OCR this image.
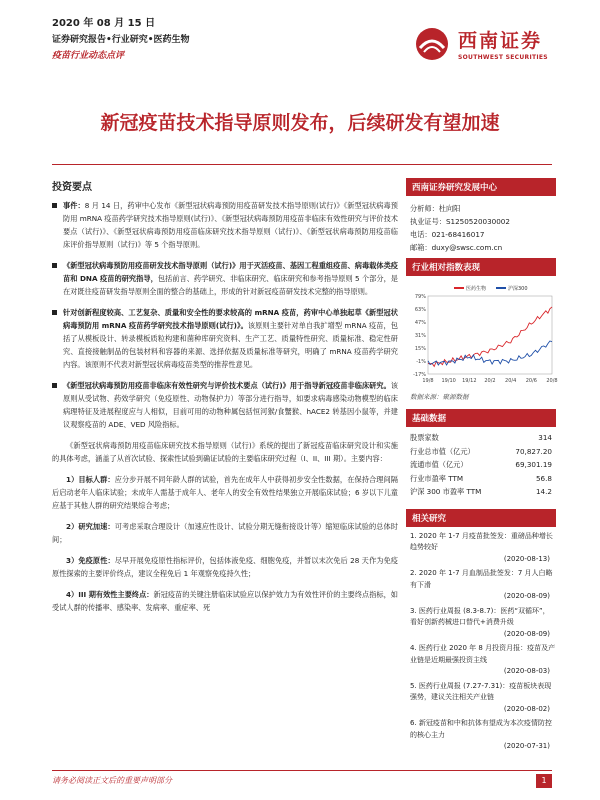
2020 年 08 月 15 日
证券研究报告•行业研究•医药生物
疫苗行业动态点评
西南证券
SOUTHWEST SECURITIES
新冠疫苗技术指导原则发布，后续研发有望加速
投资要点
事件：8 月 14 日，药审中心发布《新型冠状病毒预防用疫苗研发技术指导原则(试行)》《新型冠状病毒预防用 mRNA 疫苗药学研究技术指导原则(试行)》、《新型冠状病毒预防用疫苗非临床有效性研究与评价技术要点（试行)》、《新型冠状病毒预防用疫苗临床研究技术指导原则（试行)》、《新型冠状病毒预防用疫苗临床评价指导原则（试行)》等 5 个指导原则。
《新型冠状病毒预防用疫苗研发技术指导原则（试行)》用于灭活疫苗、基因工程重组疫苗、病毒载体类疫苗和 DNA 疫苗的研究指导，包括前言、药学研究、非临床研究、临床研究和参考指导原则 5 个部分，是在对既往疫苗研发指导原则全面的整合的基础上，形成的针对新冠疫苗研发技术完整的指导原则。
针对创新程度较高、工艺复杂、质量和安全性的要求较高的 mRNA 疫苗，药审中心单独起草《新型冠状病毒预防用 mRNA 疫苗药学研究技术指导原则(试行)》。该原则主要针对单自我扩增型 mRNA 疫苗，包括了从模板设计、转录模板质粒构建和菌种库研究资料、生产工艺、质量特性研究、质量标准、稳定性研究、直接接触制品的包装材料和容器的来源、选择依据及质量标准等研究，明确了 mRNA 疫苗药学研究内容。该原则不代表对新型冠状病毒疫苗类型的推荐性意见。
《新型冠状病毒预防用疫苗非临床有效性研究与评价技术要点（试行)》用于指导新冠疫苗非临床研究。该原则从受试物、药效学研究（免疫原性、动物保护力）等部分进行指导，如要求病毒感染动物模型的临床病理特征及进展程度应与人相似，目前可用的动物种属包括恒河猴/食蟹猴、hACE2 转基因小鼠等，并建议观察疫苗的 ADE、VED 风险指标。
《新型冠状病毒预防用疫苗临床研究技术指导原则（试行)》系统的提出了新冠疫苗临床研究设计和实施的具体考虑，涵盖了从首次试验、探索性试验到确证试验的主要临床研究过程（I、II、III 期）。主要内容：
1）目标人群：应分步开展不同年龄人群的试验，首先在成年人中获得初步安全性数据，在保持合理间隔后启动老年人临床试验；未成年人需基于成年人、老年人的安全有效性结果独立开展临床试验；6 岁以下儿童应基于其他人群的研究结果综合考虑；
2）研究加速：可考虑采取合理设计（加速应性设计、试验分期无缝衔接设计等）缩短临床试验的总体时间；
3）免疫原性：尽早开展免疫原性指标评价，包括体液免疫、细胞免疫，并暂以末次免后 28 天作为免疫原性探索的主要评价终点，建议全程免后 1 年观察免疫持久性；
4）III 期有效性主要终点：新冠疫苗的关键注册临床试验应以保护效力为有效性评价的主要终点指标，如受试人群的传播率、感染率、发病率、重症率、死
西南证券研究发展中心
分析师：杜向阳
执业证号：S1250520030002
电话：021-68416017
邮箱：duxy@swsc.com.cn
行业相对指数表现
79%
63%
47%
31%
15%
-1%
-17%
19/8 19/10 19/12 20/2 20/4 20/6 20/8
医药生物	沪深300
数据来源：聚源数据
基础数据
股票家数	314
行业总市值（亿元）	70,827.20
流通市值（亿元）	69,301.19
行业市盈率 TTM	56.8
沪深 300 市盈率 TTM	14.2
相关研究
1. 2020 年 1-7 月疫苗批签发：重磅品种增长趋势较好
(2020-08-13)
2. 2020 年 1-7 月血制品批签发：7 月人白略有下滑
(2020-08-09)
3. 医药行业周报 (8.3-8.7)：医药“双循环”，看好创新药械进口替代+消费升级
(2020-08-09)
4. 医药行业 2020 年 8 月投资月报：疫苗及产业链是近期最强投资主线
(2020-08-03)
5. 医药行业周报 (7.27-7.31)：疫苗板块表现强势，建议关注相关产业链
(2020-08-02)
6. 新冠疫苗和中和抗体有望成为本次疫情防控的核心主力
(2020-07-31)
请务必阅读正文后的重要声明部分	1
